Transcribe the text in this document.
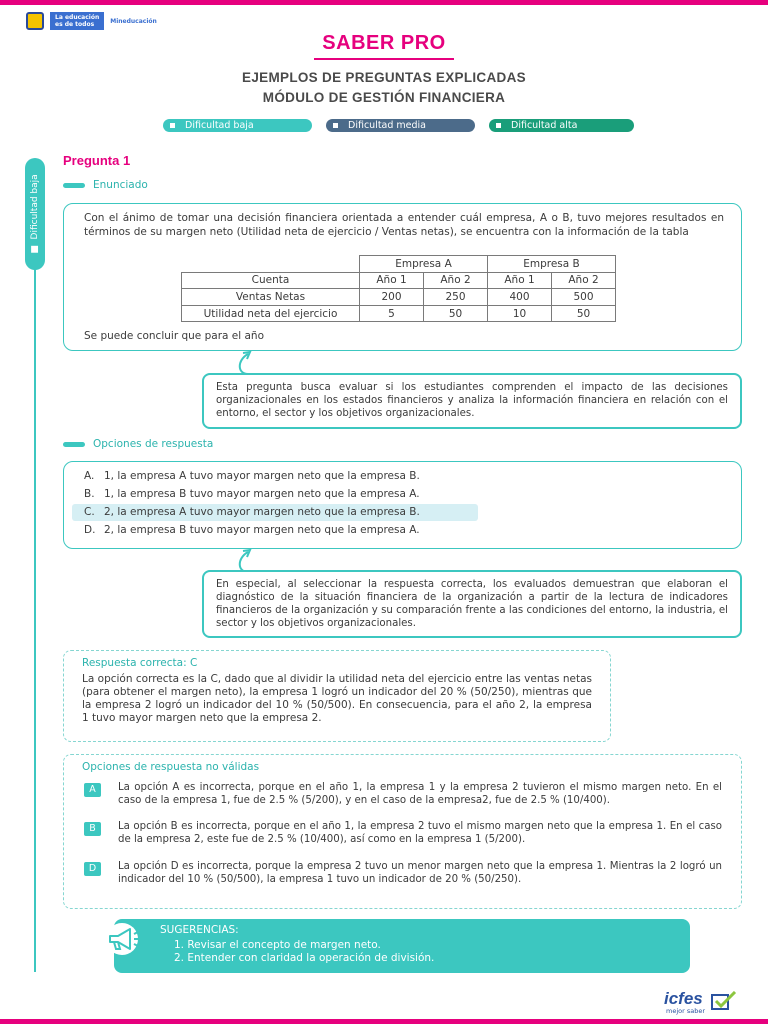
La educación
es de todos	Mineducación
SABER PRO
EJEMPLOS DE PREGUNTAS EXPLICADAS
MÓDULO DE GESTIÓN FINANCIERA
Dificultad baja	Dificultad media	Dificultad alta
■  Dificultad baja
Pregunta 1
Enunciado
Con el ánimo de tomar una decisión financiera orientada a entender cuál empresa, A o B, tuvo mejores resultados en términos de su margen neto (Utilidad neta de ejercicio / Ventas netas), se encuentra con la información de la tabla
	Empresa A		Empresa B	
Cuenta	Año 1	Año 2	Año 1	Año 2
Ventas Netas	200	250	400	500
Utilidad neta del ejercicio	5	50	10	50
Se puede concluir que para el año
Esta pregunta busca evaluar si los estudiantes comprenden el impacto de las decisiones organizacionales en los estados financieros y analiza la información financiera en relación con el entorno, el sector y los objetivos organizacionales.
Opciones de respuesta
A. 1, la empresa A tuvo mayor margen neto que la empresa B.
B. 1, la empresa B tuvo mayor margen neto que la empresa A.
C. 2, la empresa A tuvo mayor margen neto que la empresa B.
D. 2, la empresa B tuvo mayor margen neto que la empresa A.
En especial, al seleccionar la respuesta correcta, los evaluados demuestran que elaboran el diagnóstico de la situación financiera de la organización a partir de la lectura de indicadores financieros de la organización y su comparación frente a las condiciones del entorno, la industria, el sector y los objetivos organizacionales.
Respuesta correcta: C
La opción correcta es la C, dado que al dividir la utilidad neta del ejercicio entre las ventas netas (para obtener el margen neto), la empresa 1 logró un indicador del 20 % (50/250), mientras que la empresa 2 logró un indicador del 10 % (50/500). En consecuencia, para el año 2, la empresa 1 tuvo mayor margen neto que la empresa 2.
Opciones de respuesta no válidas
A	La opción A es incorrecta, porque en el año 1, la empresa 1 y la empresa 2 tuvieron el mismo margen neto. En el caso de la empresa 1, fue de 2.5 % (5/200), y en el caso de la empresa2, fue de 2.5 % (10/400).
B	La opción B es incorrecta, porque en el año 1, la empresa 2 tuvo el mismo margen neto que la empresa 1. En el caso de la empresa 2, este fue de 2.5 % (10/400), así como en la empresa 1 (5/200).
D	La opción D es incorrecta, porque la empresa 2 tuvo un menor margen neto que la empresa 1. Mientras la 2 logró un indicador del 10 % (50/500), la empresa 1 tuvo un indicador de 20 % (50/250).
SUGERENCIAS:
1. Revisar el concepto de margen neto.
2. Entender con claridad la operación de división.
icfes
mejor saber
